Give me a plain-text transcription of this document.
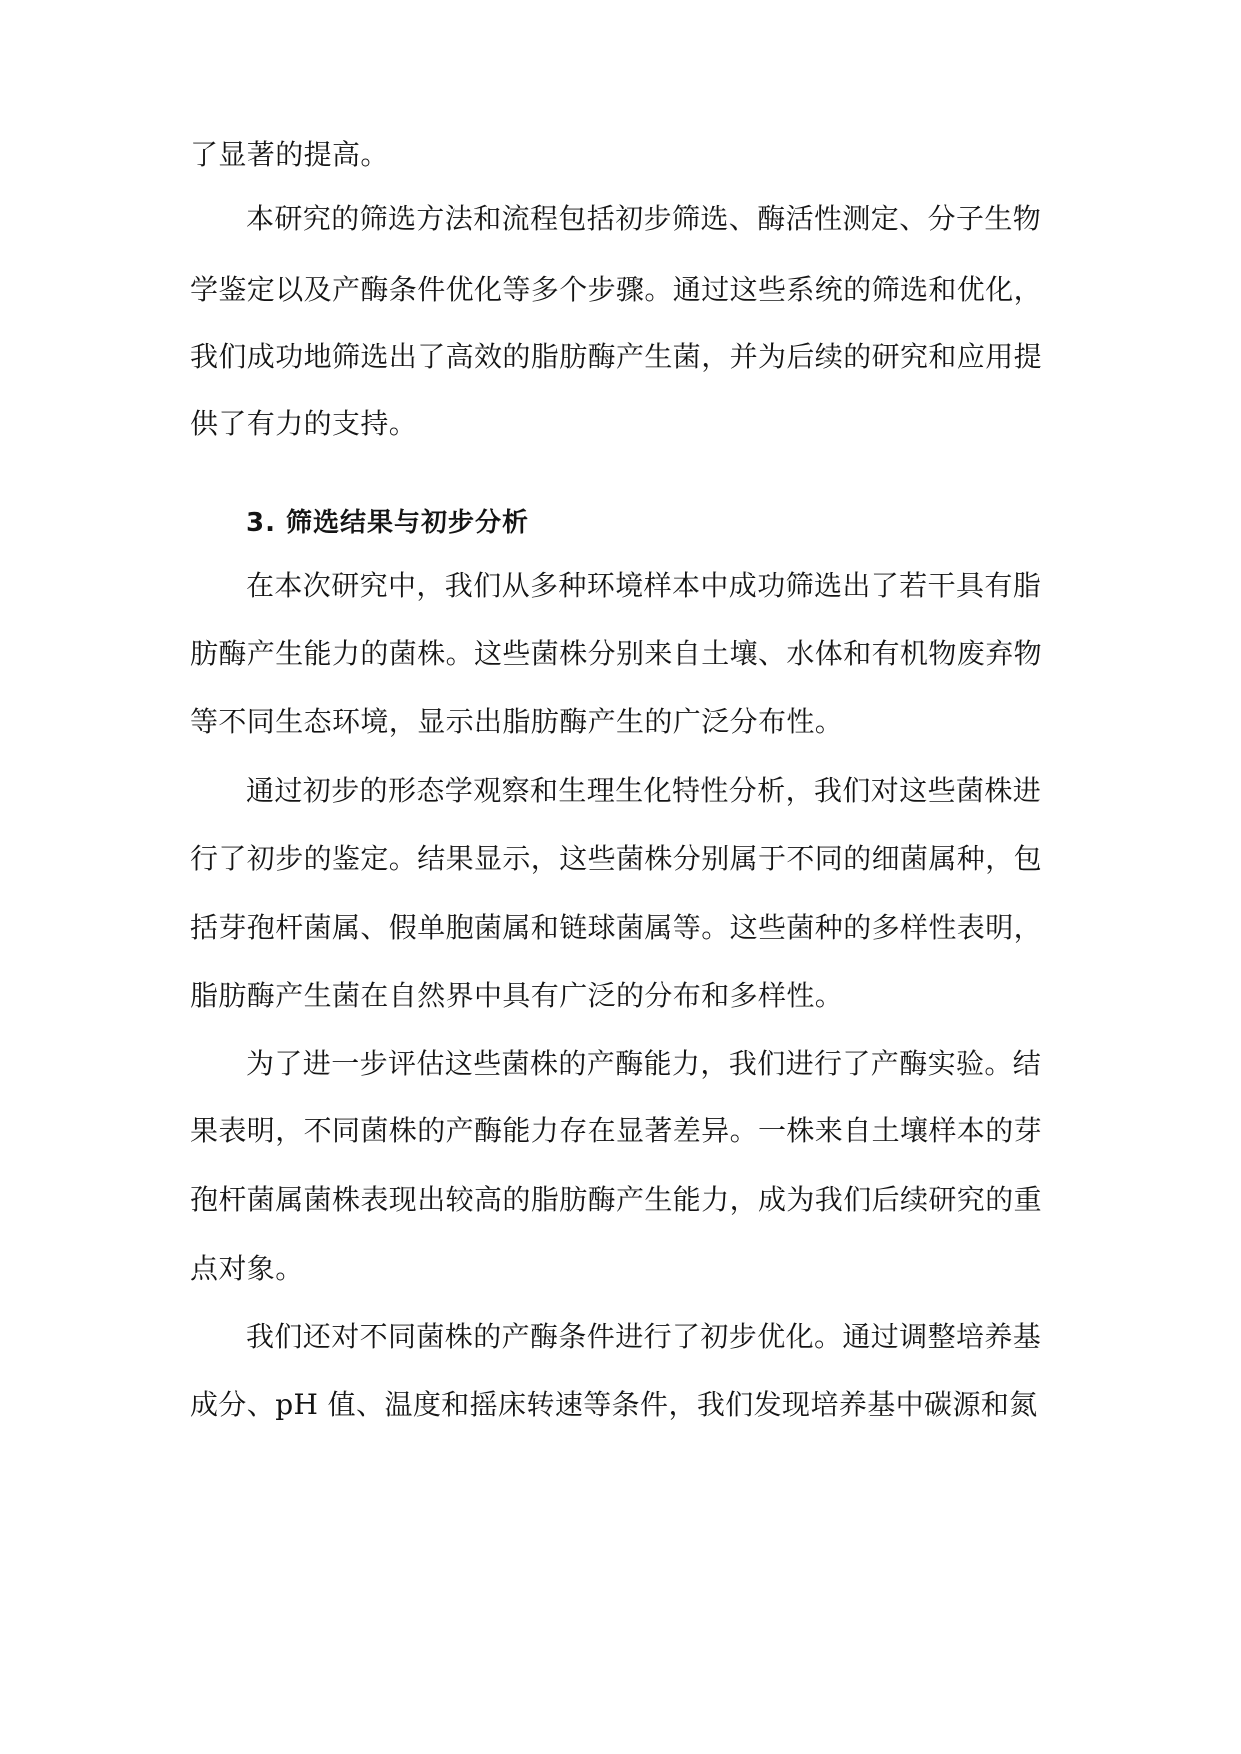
了显著的提高。
本研究的筛选方法和流程包括初步筛选、酶活性测定、分子生物
学鉴定以及产酶条件优化等多个步骤。通过这些系统的筛选和优化，
我们成功地筛选出了高效的脂肪酶产生菌，并为后续的研究和应用提
供了有力的支持。
3. 筛选结果与初步分析
在本次研究中，我们从多种环境样本中成功筛选出了若干具有脂
肪酶产生能力的菌株。这些菌株分别来自土壤、水体和有机物废弃物
等不同生态环境，显示出脂肪酶产生的广泛分布性。
通过初步的形态学观察和生理生化特性分析，我们对这些菌株进
行了初步的鉴定。结果显示，这些菌株分别属于不同的细菌属种，包
括芽孢杆菌属、假单胞菌属和链球菌属等。这些菌种的多样性表明，
脂肪酶产生菌在自然界中具有广泛的分布和多样性。
为了进一步评估这些菌株的产酶能力，我们进行了产酶实验。结
果表明，不同菌株的产酶能力存在显著差异。一株来自土壤样本的芽
孢杆菌属菌株表现出较高的脂肪酶产生能力，成为我们后续研究的重
点对象。
我们还对不同菌株的产酶条件进行了初步优化。通过调整培养基
成分、pH 值、温度和摇床转速等条件，我们发现培养基中碳源和氮
